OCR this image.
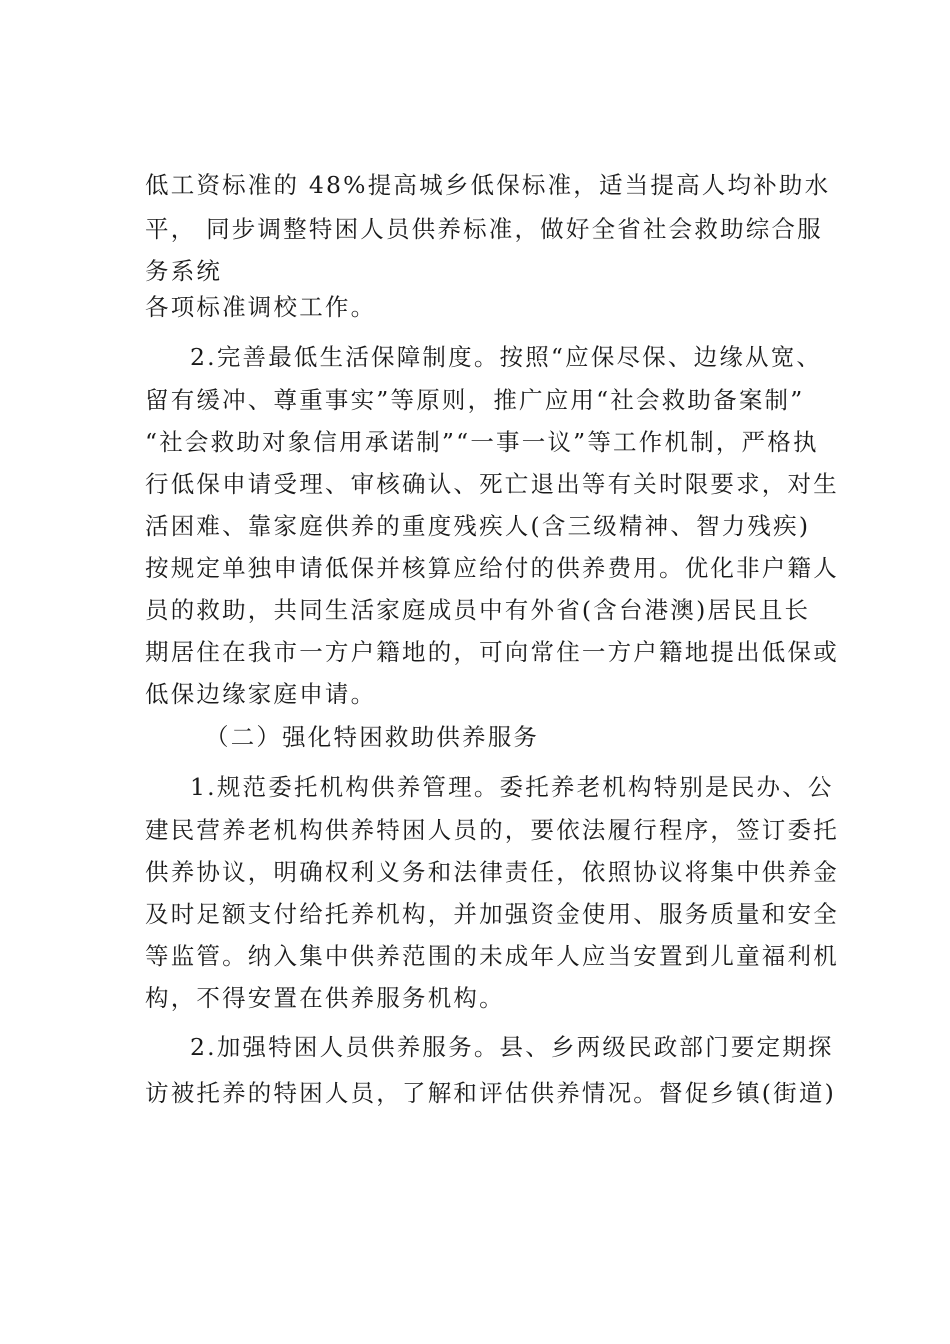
低工资标准的 48%提高城乡低保标准，适当提高人均补助水

平， 同步调整特困人员供养标准，做好全省社会救助综合服

务系统

各项标准调校工作。

2.完善最低生活保障制度。按照“应保尽保、边缘从宽、

留有缓冲、尊重事实”等原则，推广应用“社会救助备案制”

“社会救助对象信用承诺制”“一事一议”等工作机制，严格执

行低保申请受理、审核确认、死亡退出等有关时限要求，对生

活困难、靠家庭供养的重度残疾人(含三级精神、智力残疾)

按规定单独申请低保并核算应给付的供养费用。优化非户籍人

员的救助，共同生活家庭成员中有外省(含台港澳)居民且长

期居住在我市一方户籍地的，可向常住一方户籍地提出低保或

低保边缘家庭申请。

（二）强化特困救助供养服务

1.规范委托机构供养管理。委托养老机构特别是民办、公

建民营养老机构供养特困人员的，要依法履行程序，签订委托

供养协议，明确权利义务和法律责任，依照协议将集中供养金

及时足额支付给托养机构，并加强资金使用、服务质量和安全

等监管。纳入集中供养范围的未成年人应当安置到儿童福利机

构，不得安置在供养服务机构。

2.加强特困人员供养服务。县、乡两级民政部门要定期探

访被托养的特困人员，了解和评估供养情况。督促乡镇(街道)
